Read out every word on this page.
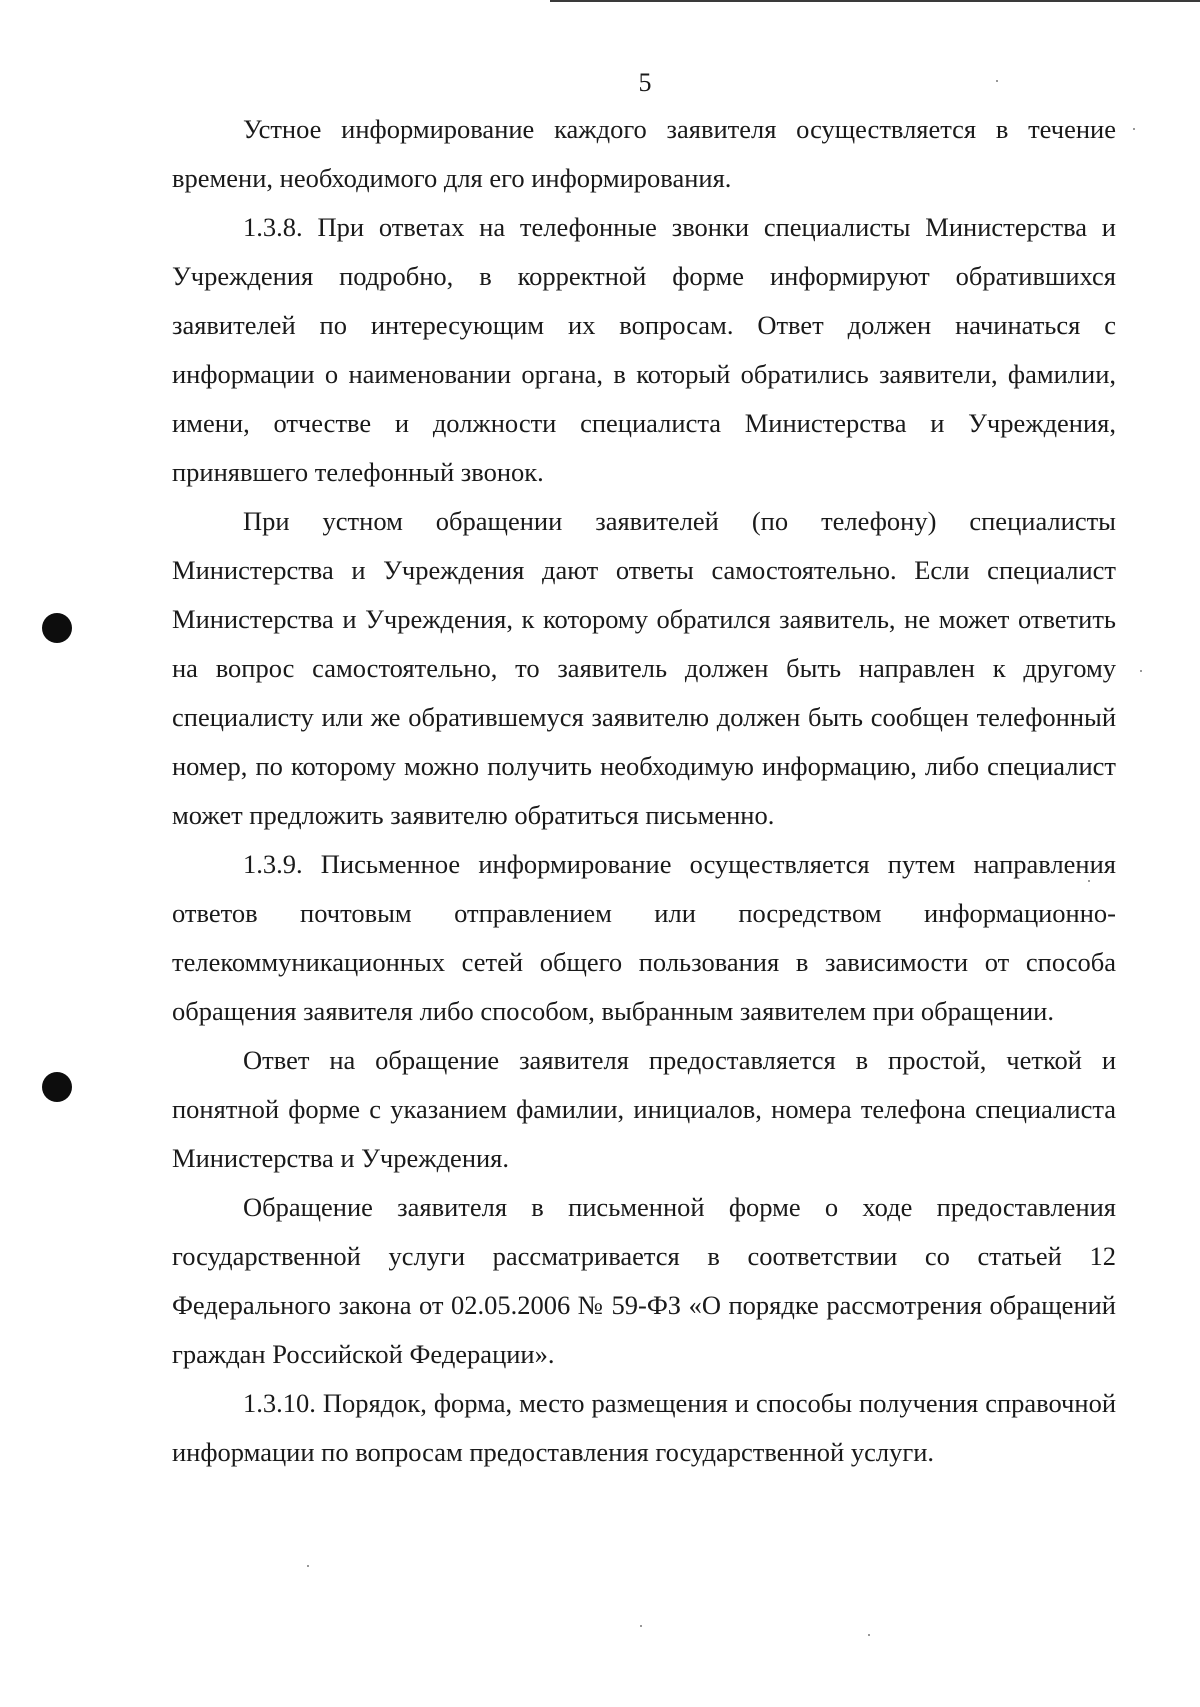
5

Устное информирование каждого заявителя осуществляется в течение времени, необходимого для его информирования.

1.3.8. При ответах на телефонные звонки специалисты Министерства и Учреждения подробно, в корректной форме информируют обратившихся заявителей по интересующим их вопросам. Ответ должен начинаться с информации о наименовании органа, в который обратились заявители, фамилии, имени, отчестве и должности специалиста Министерства и Учреждения, принявшего телефонный звонок.

При устном обращении заявителей (по телефону) специалисты Министерства и Учреждения дают ответы самостоятельно. Если специалист Министерства и Учреждения, к которому обратился заявитель, не может ответить на вопрос самостоятельно, то заявитель должен быть направлен к другому специалисту или же обратившемуся заявителю должен быть сообщен телефонный номер, по которому можно получить необходимую информацию, либо специалист может предложить заявителю обратиться письменно.

1.3.9. Письменное информирование осуществляется путем направления ответов почтовым отправлением или посредством информационно-телекоммуникационных сетей общего пользования в зависимости от способа обращения заявителя либо способом, выбранным заявителем при обращении.

Ответ на обращение заявителя предоставляется в простой, четкой и понятной форме с указанием фамилии, инициалов, номера телефона специалиста Министерства и Учреждения.

Обращение заявителя в письменной форме о ходе предоставления государственной услуги рассматривается в соответствии со статьей 12 Федерального закона от 02.05.2006 № 59-ФЗ «О порядке рассмотрения обращений граждан Российской Федерации».

1.3.10. Порядок, форма, место размещения и способы получения справочной информации по вопросам предоставления государственной услуги.
